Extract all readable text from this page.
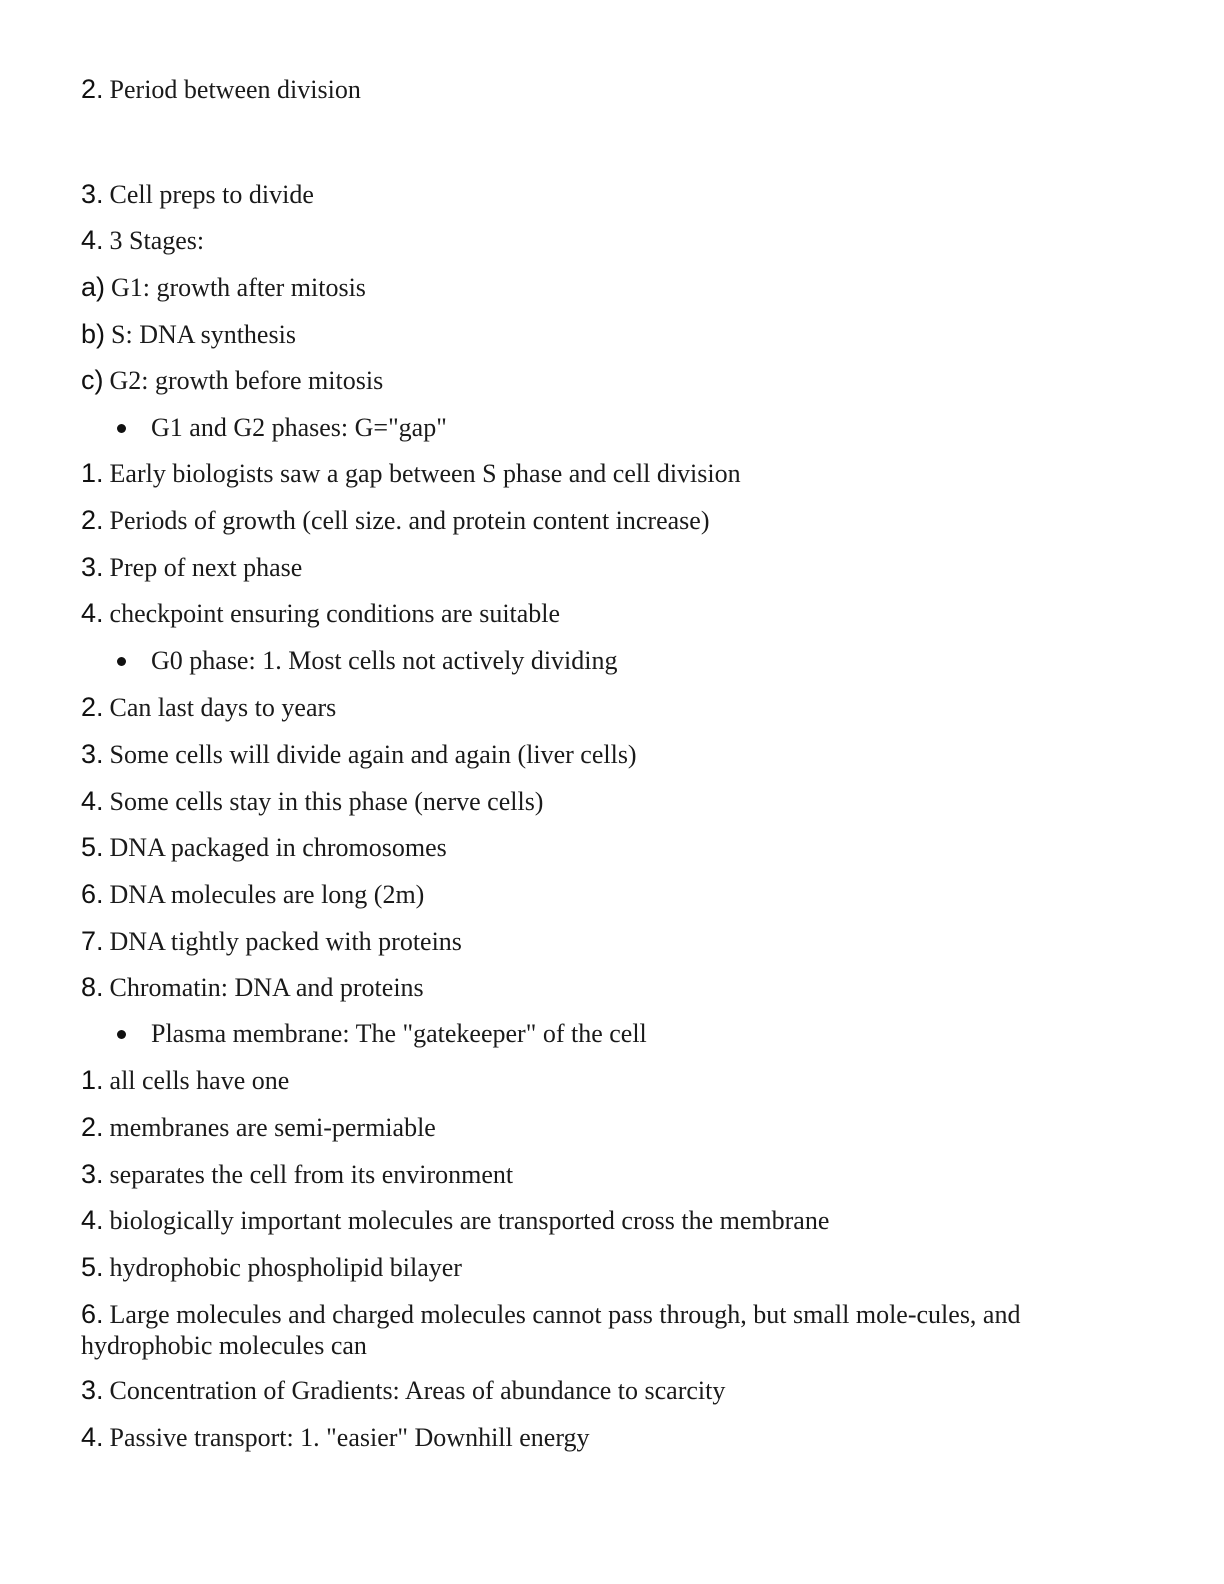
2. Period between division
3. Cell preps to divide
4. 3 Stages:
a) G1: growth after mitosis
b) S: DNA synthesis
c) G2: growth before mitosis
G1 and G2 phases: G="gap"
1. Early biologists saw a gap between S phase and cell division
2. Periods of growth (cell size. and protein content increase)
3. Prep of next phase
4. checkpoint ensuring conditions are suitable
G0 phase: 1. Most cells not actively dividing
2. Can last days to years
3. Some cells will divide again and again (liver cells)
4. Some cells stay in this phase (nerve cells)
5. DNA packaged in chromosomes
6. DNA molecules are long (2m)
7. DNA tightly packed with proteins
8. Chromatin: DNA and proteins
Plasma membrane: The "gatekeeper" of the cell
1. all cells have one
2. membranes are semi-permiable
3. separates the cell from its environment
4. biologically important molecules are transported cross the membrane
5. hydrophobic phospholipid bilayer
6. Large molecules and charged molecules cannot pass through, but small mole-cules, and hydrophobic molecules can
3. Concentration of Gradients: Areas of abundance to scarcity
4. Passive transport: 1. "easier" Downhill energy
